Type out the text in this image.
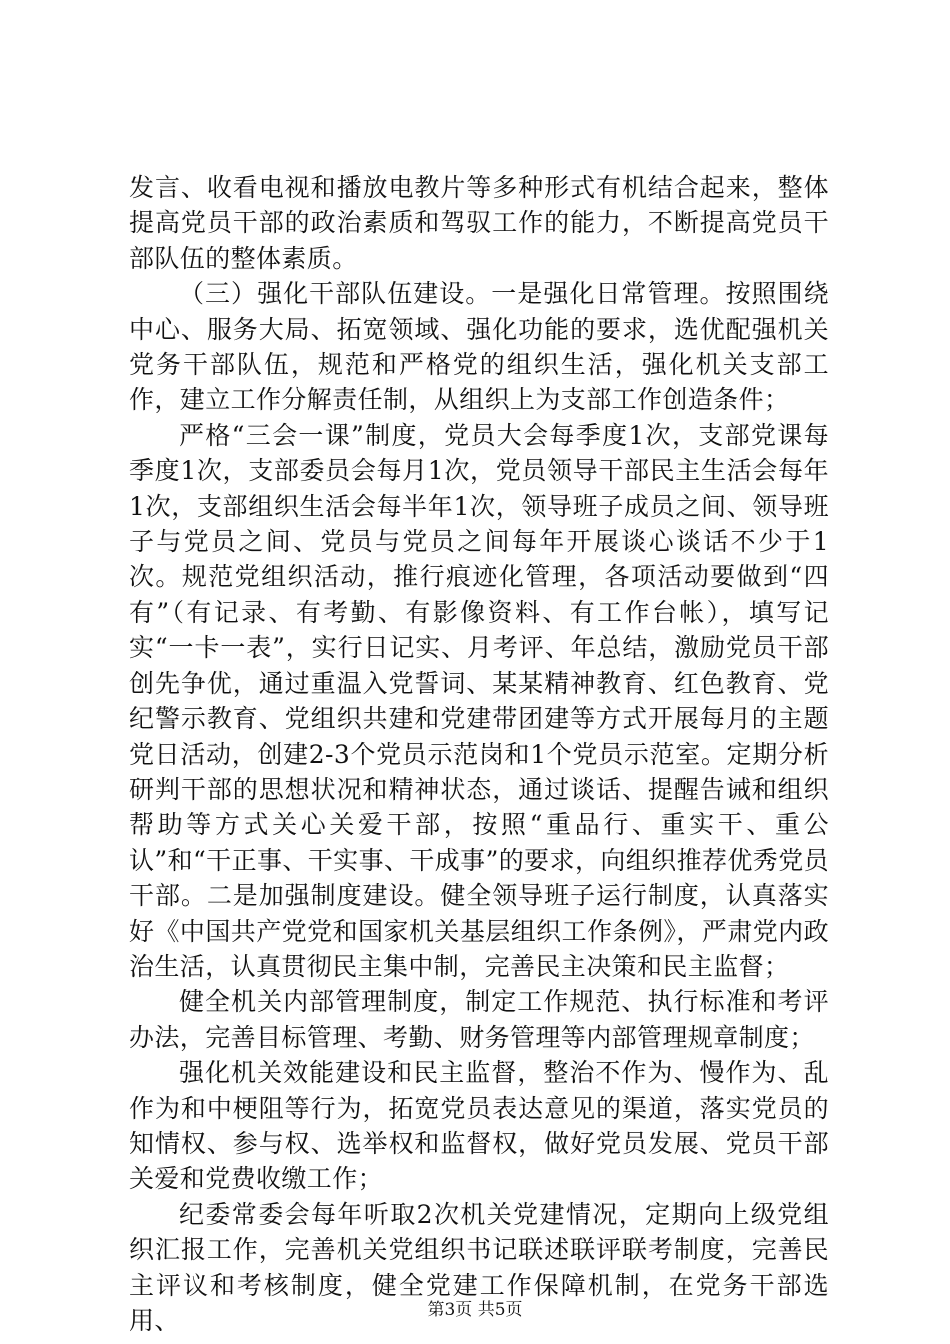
发言、收看电视和播放电教片等多种形式有机结合起来，整体提高党员干部的政治素质和驾驭工作的能力，不断提高党员干部队伍的整体素质。

（三）强化干部队伍建设。一是强化日常管理。按照围绕中心、服务大局、拓宽领域、强化功能的要求，选优配强机关党务干部队伍，规范和严格党的组织生活，强化机关支部工作，建立工作分解责任制，从组织上为支部工作创造条件；

严格“三会一课”制度，党员大会每季度1次，支部党课每季度1次，支部委员会每月1次，党员领导干部民主生活会每年1次，支部组织生活会每半年1次，领导班子成员之间、领导班子与党员之间、党员与党员之间每年开展谈心谈话不少于1次。规范党组织活动，推行痕迹化管理，各项活动要做到“四有”（有记录、有考勤、有影像资料、有工作台帐），填写记实“一卡一表”，实行日记实、月考评、年总结，激励党员干部创先争优，通过重温入党誓词、某某精神教育、红色教育、党纪警示教育、党组织共建和党建带团建等方式开展每月的主题党日活动，创建2-3个党员示范岗和1个党员示范室。定期分析研判干部的思想状况和精神状态，通过谈话、提醒告诫和组织帮助等方式关心关爱干部，按照“重品行、重实干、重公认”和“干正事、干实事、干成事”的要求，向组织推荐优秀党员干部。二是加强制度建设。健全领导班子运行制度，认真落实好《中国共产党党和国家机关基层组织工作条例》，严肃党内政治生活，认真贯彻民主集中制，完善民主决策和民主监督；

健全机关内部管理制度，制定工作规范、执行标准和考评办法，完善目标管理、考勤、财务管理等内部管理规章制度；

强化机关效能建设和民主监督，整治不作为、慢作为、乱作为和中梗阻等行为，拓宽党员表达意见的渠道，落实党员的知情权、参与权、选举权和监督权，做好党员发展、党员干部关爱和党费收缴工作；

纪委常委会每年听取2次机关党建情况，定期向上级党组织汇报工作，完善机关党组织书记联述联评联考制度，完善民主评议和考核制度，健全党建工作保障机制，在党务干部选用、	第3页 共5页
